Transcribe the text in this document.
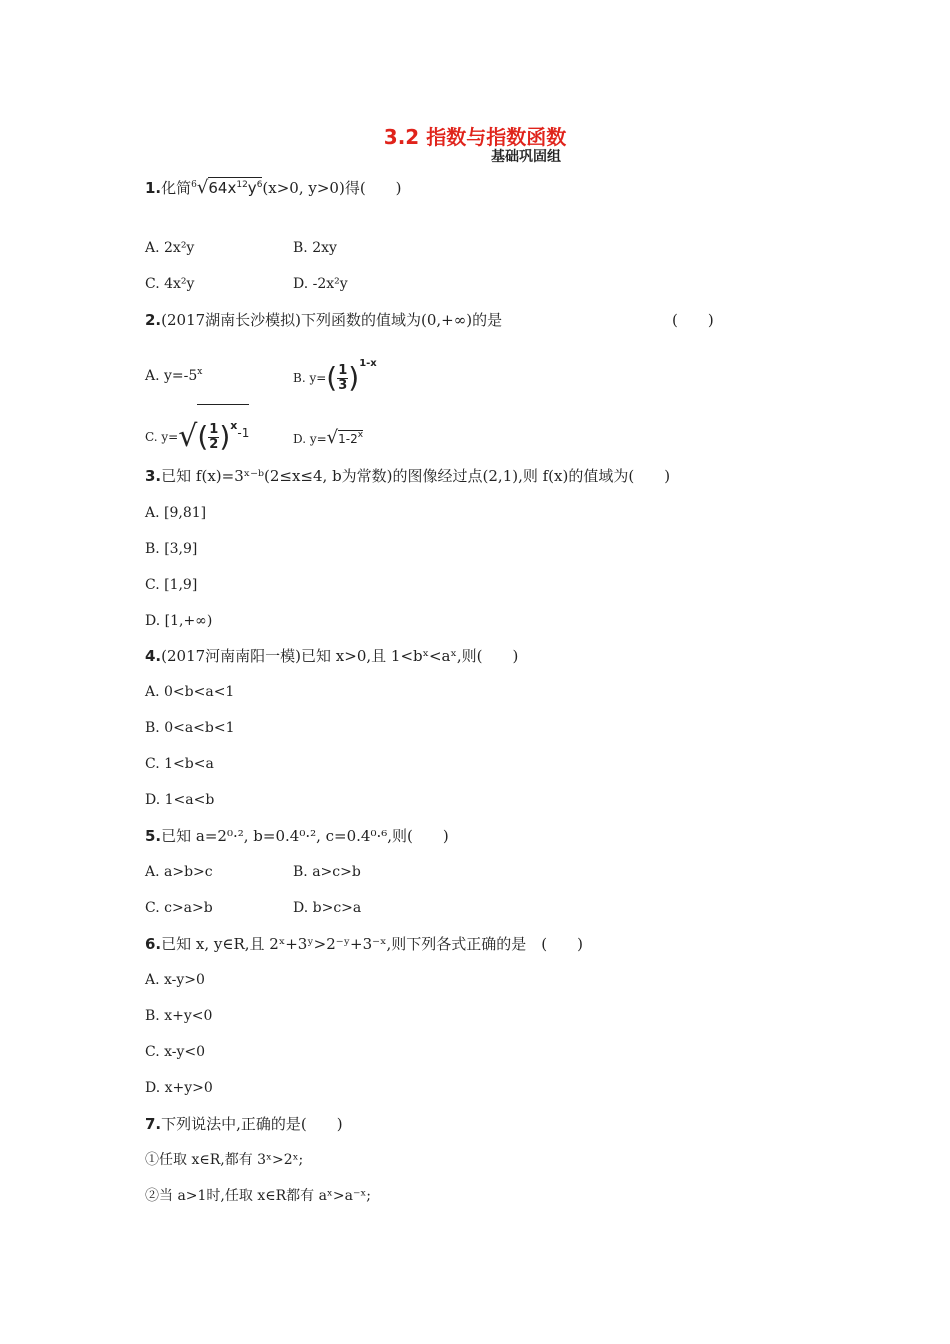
3.2 指数与指数函数
基础巩固组
1.化简$^6√64x^{12}y^6(x>0$, y>0)得(　　)
A. 2x²y	B. 2xy
C. 4x²y	D. -2x²y
2.(2017湖南长沙模拟)下列函数的值域为(0,+∞)的是	(　　)
A. $y=-5^x$	B. $y=( \frac{1}{3} )^{1-x}$
C. $y=√( \frac{1}{2} )^x-1$	D. $y=√1-2^x$
3.已知 f(x)=3ˣ⁻ᵇ(2≤x≤4, b为常数)的图像经过点(2,1),则 f(x)的值域为(　　)
A. [9,81]
B. [3,9]
C. [1,9]
D. [1,+∞)
4.(2017河南南阳一模)已知 x>0,且 1<bˣ<aˣ,则(　　)
A. 0<b<a<1
B. 0<a<b<1
C. 1<b<a
D. 1<a<b
5.已知 a=2⁰·², b=0.4⁰·², c=0.4⁰·⁶,则(　　)
A. a>b>c	B. a>c>b
C. c>a>b	D. b>c>a
6.已知 x, y∈R,且 2ˣ+3ʸ>2⁻ʸ+3⁻ˣ,则下列各式正确的是　(　　)
A. x-y>0
B. x+y<0
C. x-y<0
D. x+y>0
7.下列说法中,正确的是(　　)
①任取 x∈R,都有 3ˣ>2ˣ;
②当 a>1时,任取 x∈R都有 aˣ>a⁻ˣ;
